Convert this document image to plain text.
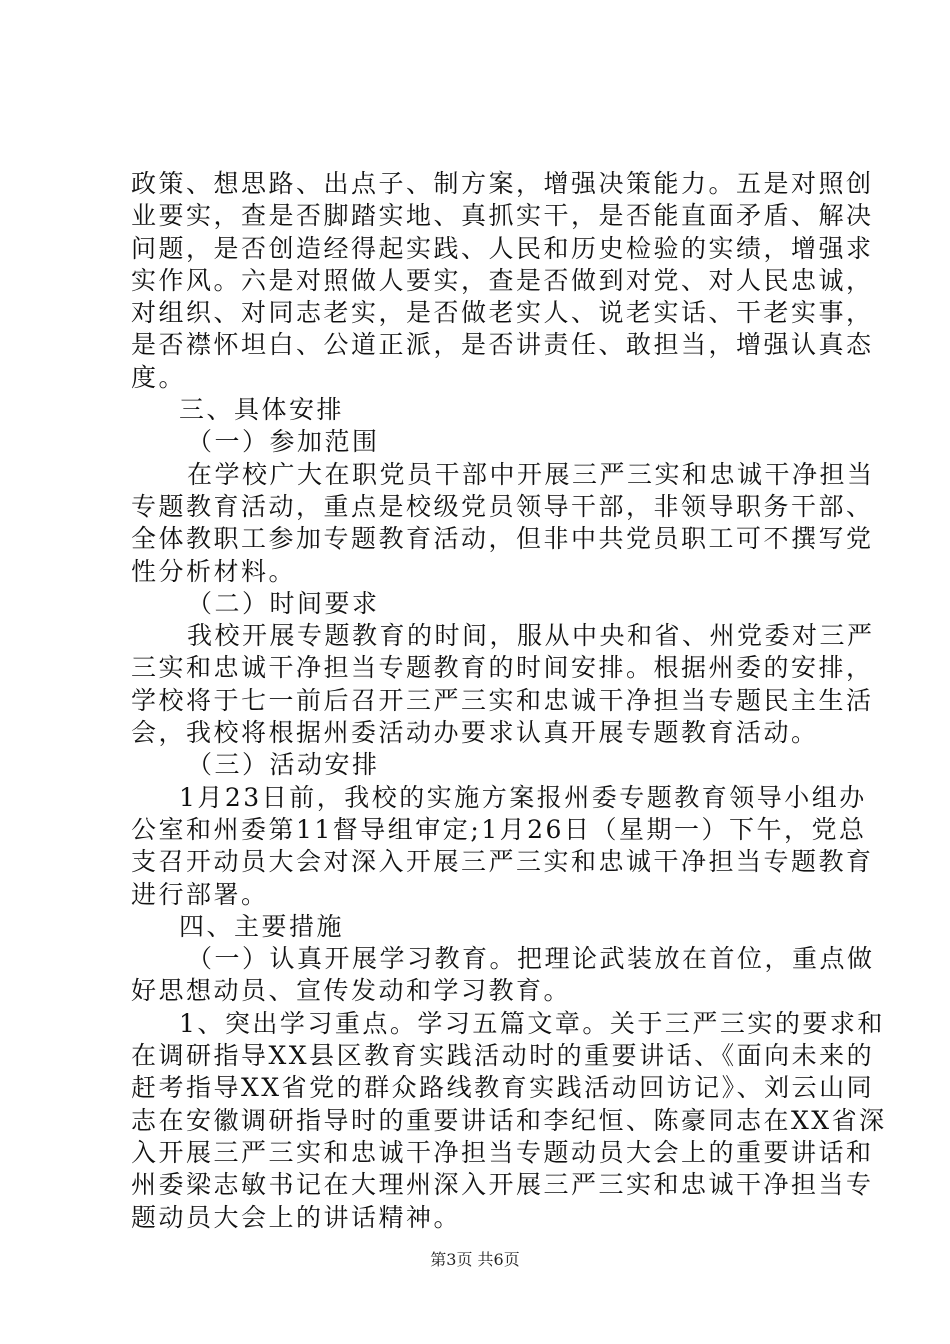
政策、想思路、出点子、制方案，增强决策能力。五是对照创
业要实，查是否脚踏实地、真抓实干，是否能直面矛盾、解决
问题，是否创造经得起实践、人民和历史检验的实绩，增强求
实作风。六是对照做人要实，查是否做到对党、对人民忠诚，
对组织、对同志老实，是否做老实人、说老实话、干老实事，
是否襟怀坦白、公道正派，是否讲责任、敢担当，增强认真态
度。
三、具体安排
（一）参加范围
在学校广大在职党员干部中开展三严三实和忠诚干净担当
专题教育活动，重点是校级党员领导干部，非领导职务干部、
全体教职工参加专题教育活动，但非中共党员职工可不撰写党
性分析材料。
（二）时间要求
我校开展专题教育的时间，服从中央和省、州党委对三严
三实和忠诚干净担当专题教育的时间安排。根据州委的安排，
学校将于七一前后召开三严三实和忠诚干净担当专题民主生活
会，我校将根据州委活动办要求认真开展专题教育活动。
（三）活动安排
1月23日前，我校的实施方案报州委专题教育领导小组办
公室和州委第11督导组审定;1月26日（星期一）下午，党总
支召开动员大会对深入开展三严三实和忠诚干净担当专题教育
进行部署。
四、主要措施
（一）认真开展学习教育。把理论武装放在首位，重点做
好思想动员、宣传发动和学习教育。
1、突出学习重点。学习五篇文章。关于三严三实的要求和
在调研指导XX县区教育实践活动时的重要讲话、《面向未来的
赶考指导XX省党的群众路线教育实践活动回访记》、刘云山同
志在安徽调研指导时的重要讲话和李纪恒、陈豪同志在XX省深
入开展三严三实和忠诚干净担当专题动员大会上的重要讲话和
州委梁志敏书记在大理州深入开展三严三实和忠诚干净担当专
题动员大会上的讲话精神。
第3页 共6页
